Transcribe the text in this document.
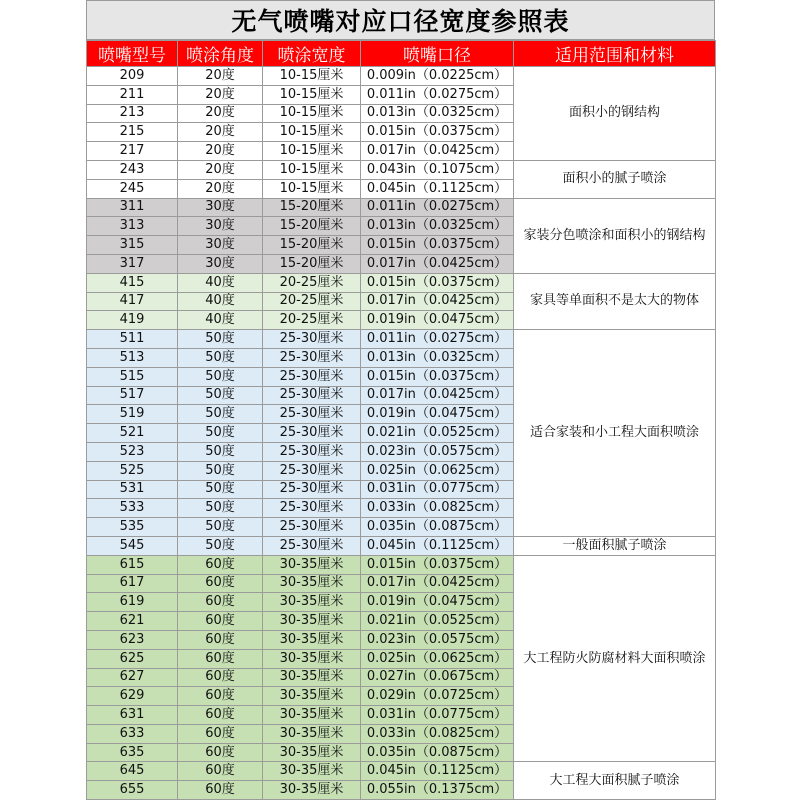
无气喷嘴对应口径宽度参照表
喷嘴型号	喷涂角度	喷涂宽度	喷嘴口径	适用范围和材料
209	20度	10-15厘米	0.009in（0.0225cm）	面积小的钢结构
211	20度	10-15厘米	0.011in（0.0275cm）	
213	20度	10-15厘米	0.013in（0.0325cm）	
215	20度	10-15厘米	0.015in（0.0375cm）	
217	20度	10-15厘米	0.017in（0.0425cm）	
243	20度	10-15厘米	0.043in（0.1075cm）	面积小的腻子喷涂
245	20度	10-15厘米	0.045in（0.1125cm）	
311	30度	15-20厘米	0.011in（0.0275cm）	家装分色喷涂和面积小的钢结构
313	30度	15-20厘米	0.013in（0.0325cm）	
315	30度	15-20厘米	0.015in（0.0375cm）	
317	30度	15-20厘米	0.017in（0.0425cm）	
415	40度	20-25厘米	0.015in（0.0375cm）	家具等单面积不是太大的物体
417	40度	20-25厘米	0.017in（0.0425cm）	
419	40度	20-25厘米	0.019in（0.0475cm）	
511	50度	25-30厘米	0.011in（0.0275cm）	适合家装和小工程大面积喷涂
513	50度	25-30厘米	0.013in（0.0325cm）	
515	50度	25-30厘米	0.015in（0.0375cm）	
517	50度	25-30厘米	0.017in（0.0425cm）	
519	50度	25-30厘米	0.019in（0.0475cm）	
521	50度	25-30厘米	0.021in（0.0525cm）	
523	50度	25-30厘米	0.023in（0.0575cm）	
525	50度	25-30厘米	0.025in（0.0625cm）	
531	50度	25-30厘米	0.031in（0.0775cm）	
533	50度	25-30厘米	0.033in（0.0825cm）	
535	50度	25-30厘米	0.035in（0.0875cm）	
545	50度	25-30厘米	0.045in（0.1125cm）	一般面积腻子喷涂
615	60度	30-35厘米	0.015in（0.0375cm）	大工程防火防腐材料大面积喷涂
617	60度	30-35厘米	0.017in（0.0425cm）	
619	60度	30-35厘米	0.019in（0.0475cm）	
621	60度	30-35厘米	0.021in（0.0525cm）	
623	60度	30-35厘米	0.023in（0.0575cm）	
625	60度	30-35厘米	0.025in（0.0625cm）	
627	60度	30-35厘米	0.027in（0.0675cm）	
629	60度	30-35厘米	0.029in（0.0725cm）	
631	60度	30-35厘米	0.031in（0.0775cm）	
633	60度	30-35厘米	0.033in（0.0825cm）	
635	60度	30-35厘米	0.035in（0.0875cm）	
645	60度	30-35厘米	0.045in（0.1125cm）	大工程大面积腻子喷涂
655	60度	30-35厘米	0.055in（0.1375cm）	
